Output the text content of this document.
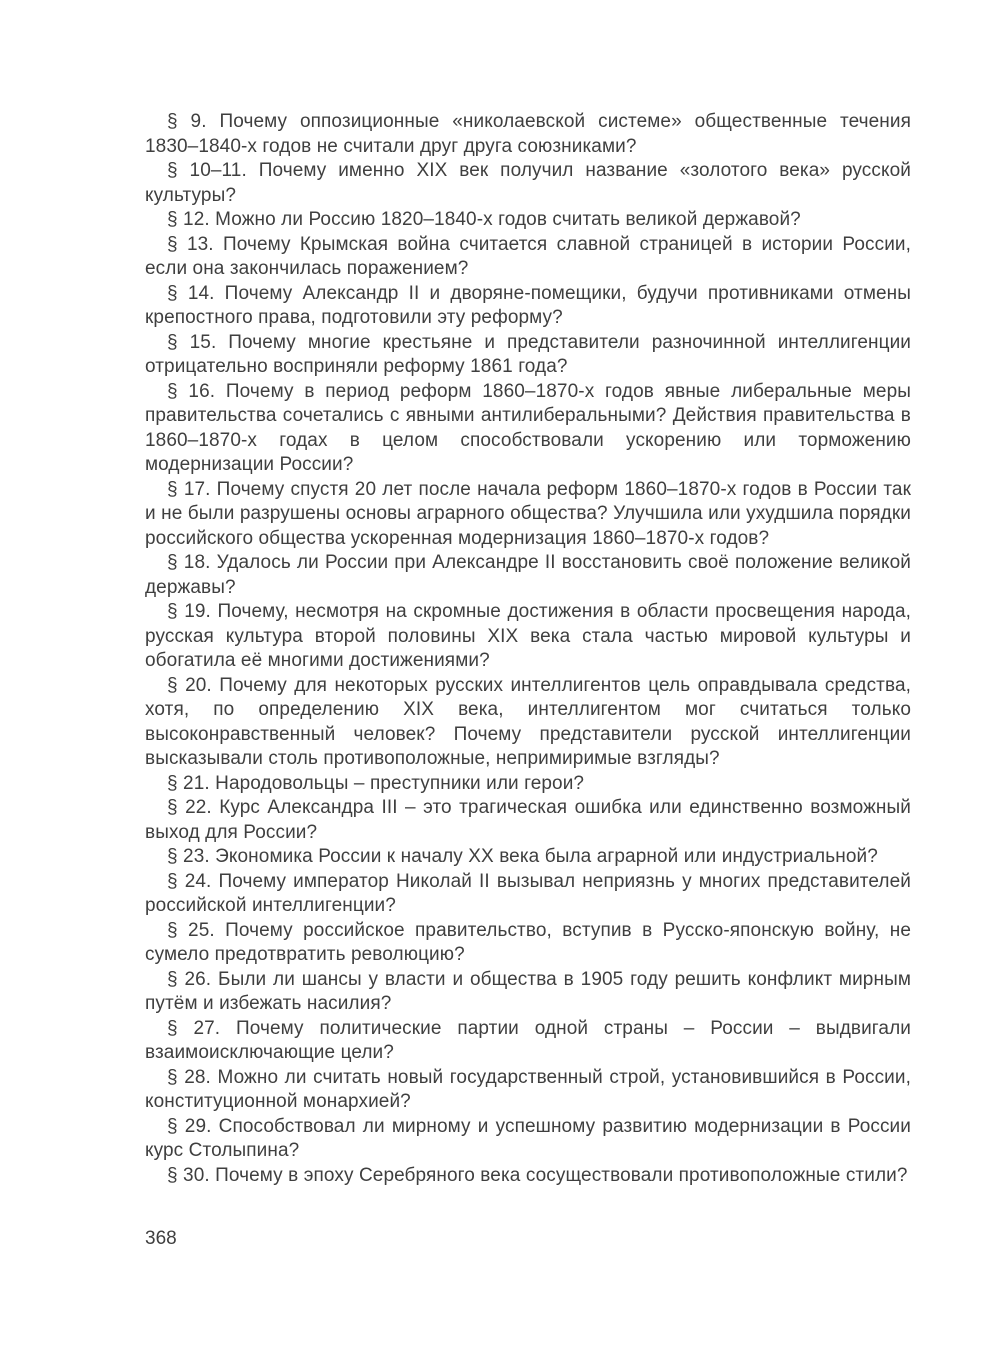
§ 9. Почему оппозиционные «николаевской системе» общественные течения 1830–1840-х годов не считали друг друга союзниками?

§ 10–11. Почему именно XIX век получил название «золотого века» русской культуры?

§ 12. Можно ли Россию 1820–1840-х годов считать великой державой?

§ 13. Почему Крымская война считается славной страницей в истории России, если она закончилась поражением?

§ 14. Почему Александр II и дворяне-помещики, будучи противниками отмены крепостного права, подготовили эту реформу?

§ 15. Почему многие крестьяне и представители разночинной интеллигенции отрицательно восприняли реформу 1861 года?

§ 16. Почему в период реформ 1860–1870-х годов явные либеральные меры правительства сочетались с явными антилиберальными? Действия правительства в 1860–1870-х годах в целом способствовали ускорению или торможению модернизации России?

§ 17. Почему спустя 20 лет после начала реформ 1860–1870-х годов в России так и не были разрушены основы аграрного общества? Улучшила или ухудшила порядки российского общества ускоренная модернизация 1860–1870-х годов?

§ 18. Удалось ли России при Александре II восстановить своё положение великой державы?

§ 19. Почему, несмотря на скромные достижения в области просвещения народа, русская культура второй половины XIX века стала частью мировой культуры и обогатила её многими достижениями?

§ 20. Почему для некоторых русских интеллигентов цель оправдывала средства, хотя, по определению XIX века, интеллигентом мог считаться только высоконравственный человек? Почему представители русской интеллигенции высказывали столь противоположные, непримиримые взгляды?

§ 21. Народовольцы – преступники или герои?

§ 22. Курс Александра III – это трагическая ошибка или единственно возможный выход для России?

§ 23. Экономика России к началу XX века была аграрной или индустриальной?

§ 24. Почему император Николай II вызывал неприязнь у многих представителей российской интеллигенции?

§ 25. Почему российское правительство, вступив в Русско-японскую войну, не сумело предотвратить революцию?

§ 26. Были ли шансы у власти и общества в 1905 году решить конфликт мирным путём и избежать насилия?

§ 27. Почему политические партии одной страны – России – выдвигали взаимоисключающие цели?

§ 28. Можно ли считать новый государственный строй, установившийся в России, конституционной монархией?

§ 29. Способствовал ли мирному и успешному развитию модернизации в России курс Столыпина?

§ 30. Почему в эпоху Серебряного века сосуществовали противоположные стили?

368
